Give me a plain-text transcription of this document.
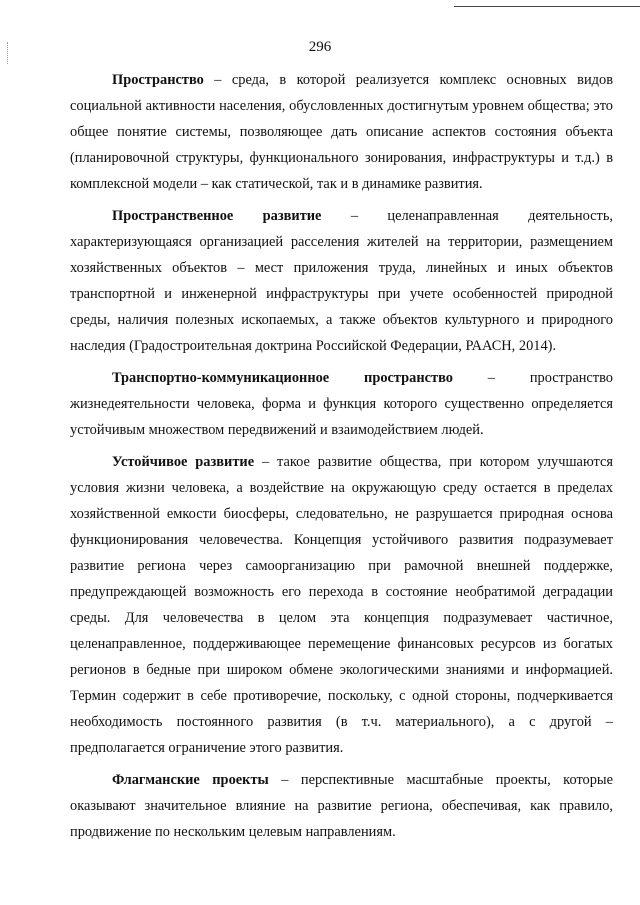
296

Пространство – среда, в которой реализуется комплекс основных видов социальной активности населения, обусловленных достигнутым уровнем общества; это общее понятие системы, позволяющее дать описание аспектов состояния объекта (планировочной структуры, функционального зонирования, инфраструктуры и т.д.) в комплексной модели – как статической, так и в динамике развития.

Пространственное развитие – целенаправленная деятельность, характеризующаяся организацией расселения жителей на территории, размещением хозяйственных объектов – мест приложения труда, линейных и иных объектов транспортной и инженерной инфраструктуры при учете особенностей природной среды, наличия полезных ископаемых, а также объектов культурного и природного наследия (Градостроительная доктрина Российской Федерации, РААСН, 2014).

Транспортно-коммуникационное пространство – пространство жизнедеятельности человека, форма и функция которого существенно определяется устойчивым множеством передвижений и взаимодействием людей.

Устойчивое развитие – такое развитие общества, при котором улучшаются условия жизни человека, а воздействие на окружающую среду остается в пределах хозяйственной емкости биосферы, следовательно, не разрушается природная основа функционирования человечества. Концепция устойчивого развития подразумевает развитие региона через самоорганизацию при рамочной внешней поддержке, предупреждающей возможность его перехода в состояние необратимой деградации среды. Для человечества в целом эта концепция подразумевает частичное, целенаправленное, поддерживающее перемещение финансовых ресурсов из богатых регионов в бедные при широком обмене экологическими знаниями и информацией. Термин содержит в себе противоречие, поскольку, с одной стороны, подчеркивается необходимость постоянного развития (в т.ч. материального), а с другой – предполагается ограничение этого развития.

Флагманские проекты – перспективные масштабные проекты, которые оказывают значительное влияние на развитие региона, обеспечивая, как правило, продвижение по нескольким целевым направлениям.
